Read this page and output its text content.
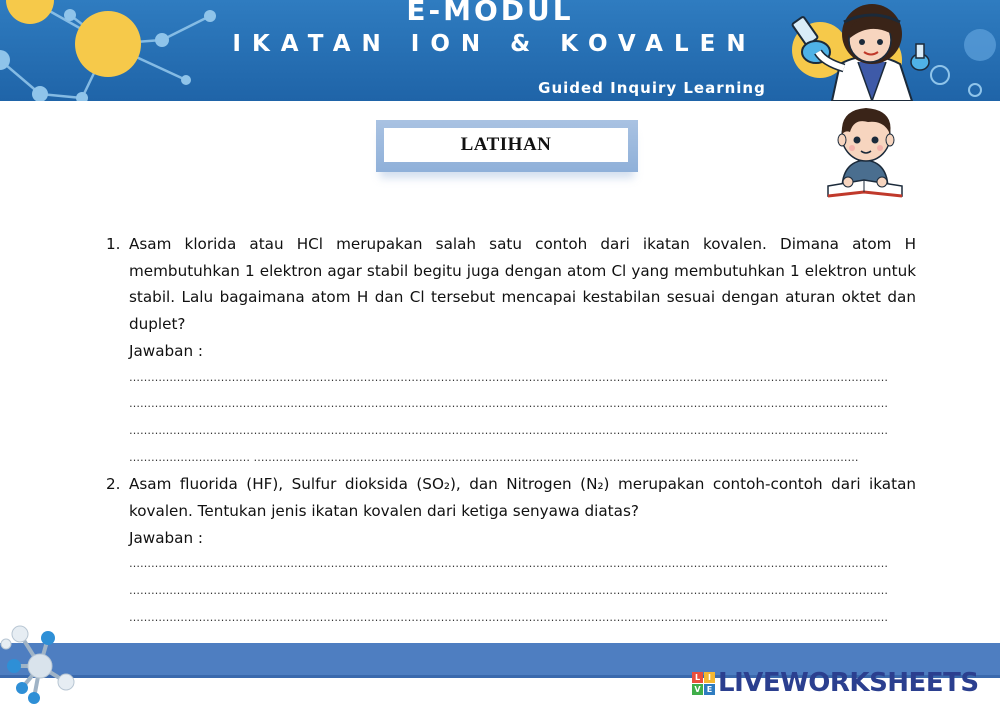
E-MODUL
IKATAN ION & KOVALEN
Guided Inquiry Learning
LATIHAN
1. Asam klorida atau HCl merupakan salah satu contoh dari ikatan kovalen. Dimana atom H membutuhkan 1 elektron agar stabil begitu juga dengan atom Cl yang membutuhkan 1 elektron untuk stabil. Lalu bagaimana atom H dan Cl tersebut mencapai kestabilan sesuai dengan aturan oktet dan duplet?

Jawaban :

………………………………………………………………………………………………………………………………………………………………………………………
………………………………………………………………………………………………………………………………………………………………………………………
………………………………………………………………………………………………………………………………………………………………………………………
…………………………… …………………………………………………………………………………………………………………………………………………
2. Asam fluorida (HF), Sulfur dioksida (SO₂), dan Nitrogen (N₂) merupakan contoh-contoh dari ikatan kovalen. Tentukan jenis ikatan kovalen dari ketiga senyawa diatas?

Jawaban :

………………………………………………………………………………………………………………………………………………………………………………………
………………………………………………………………………………………………………………………………………………………………………………………
………………………………………………………………………………………………………………………………………………………………………………………
L I
V E LIVEWORKSHEETS
